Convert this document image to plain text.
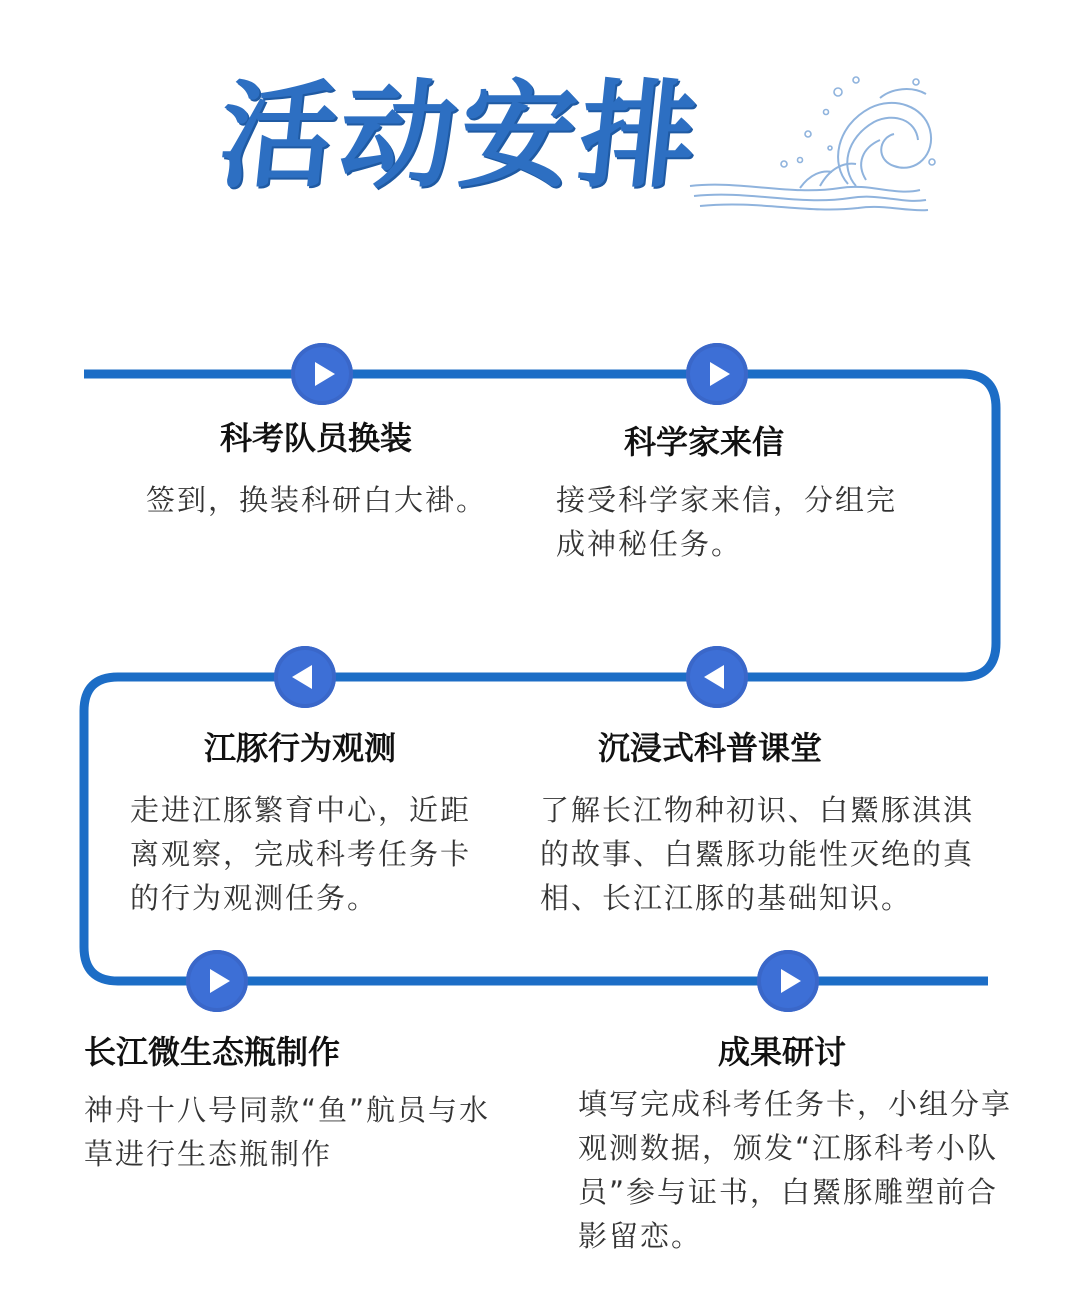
活动安排
科考队员换装
签到，换装科研白大褂。
科学家来信
接受科学家来信，分组完成神秘任务。
江豚行为观测
走进江豚繁育中心，近距离观察，完成科考任务卡的行为观测任务。
沉浸式科普课堂
了解长江物种初识、白鱀豚淇淇的故事、白鱀豚功能性灭绝的真相、长江江豚的基础知识。
长江微生态瓶制作
神舟十八号同款“鱼”航员与水草进行生态瓶制作
成果研讨
填写完成科考任务卡，小组分享观测数据，颁发“江豚科考小队员”参与证书，白鱀豚雕塑前合影留恋。
